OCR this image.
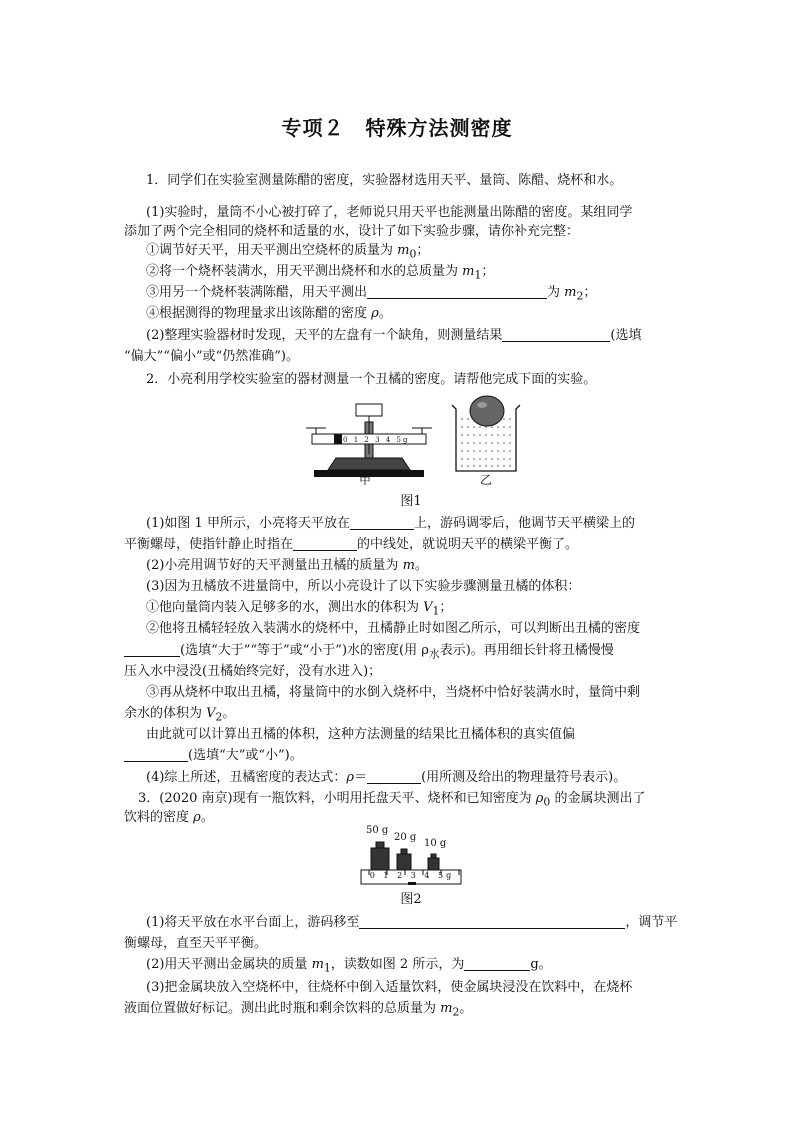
专项２　特殊方法测密度
1．同学们在实验室测量陈醋的密度，实验器材选用天平、量筒、陈醋、烧杯和水。
(1)实验时，量筒不小心被打碎了，老师说只用天平也能测量出陈醋的密度。某组同学
添加了两个完全相同的烧杯和适量的水，设计了如下实验步骤，请你补充完整：
①调节好天平，用天平测出空烧杯的质量为 $m_0$；
②将一个烧杯装满水，用天平测出烧杯和水的总质量为 $m_1$；
③用另一个烧杯装满陈醋，用天平测出	为 $m_2$；
④根据测得的物理量求出该陈醋的密度 ρ。
(2)整理实验器材时发现，天平的左盘有一个缺角，则测量结果	(选填
“偏大”“偏小”或“仍然准确”)。
2．小亮利用学校实验室的器材测量一个丑橘的密度。请帮他完成下面的实验。
0 1 2 3 4 5g
甲	乙
图1
(1)如图 1 甲所示，小亮将天平放在	上，游码调零后，他调节天平横梁上的
平衡螺母，使指针静止时指在	的中线处，就说明天平的横梁平衡了。
(2)小亮用调节好的天平测量出丑橘的质量为 m。
(3)因为丑橘放不进量筒中，所以小亮设计了以下实验步骤测量丑橘的体积：
①他向量筒内装入足够多的水，测出水的体积为 $V_1$；
②他将丑橘轻轻放入装满水的烧杯中，丑橘静止时如图乙所示，可以判断出丑橘的密度
(选填“大于”“等于”或“小于”)水的密度(用 $\rho_水$表示)。再用细长针将丑橘慢慢
压入水中浸没(丑橘始终完好，没有水进入)；
③再从烧杯中取出丑橘，将量筒中的水倒入烧杯中，当烧杯中恰好装满水时，量筒中剩
余水的体积为 $V_2$。
由此就可以计算出丑橘的体积，这种方法测量的结果比丑橘体积的真实值偏
(选填“大”或“小”)。
(4)综上所述，丑橘密度的表达式：ρ＝	(用所测及给出的物理量符号表示)。
3．(2020 南京)现有一瓶饮料，小明用托盘天平、烧杯和已知密度为 $\rho_0$ 的金属块测出了
饮料的密度 ρ。
50 g
20 g
10 g
0 1 2 3 4 5g
图2
(1)将天平放在水平台面上，游码移至	，调节平
衡螺母，直至天平平衡。
(2)用天平测出金属块的质量 $m_1$，读数如图 2 所示，为	g。
(3)把金属块放入空烧杯中，往烧杯中倒入适量饮料，使金属块浸没在饮料中，在烧杯
液面位置做好标记。测出此时瓶和剩余饮料的总质量为 $m_2$。
